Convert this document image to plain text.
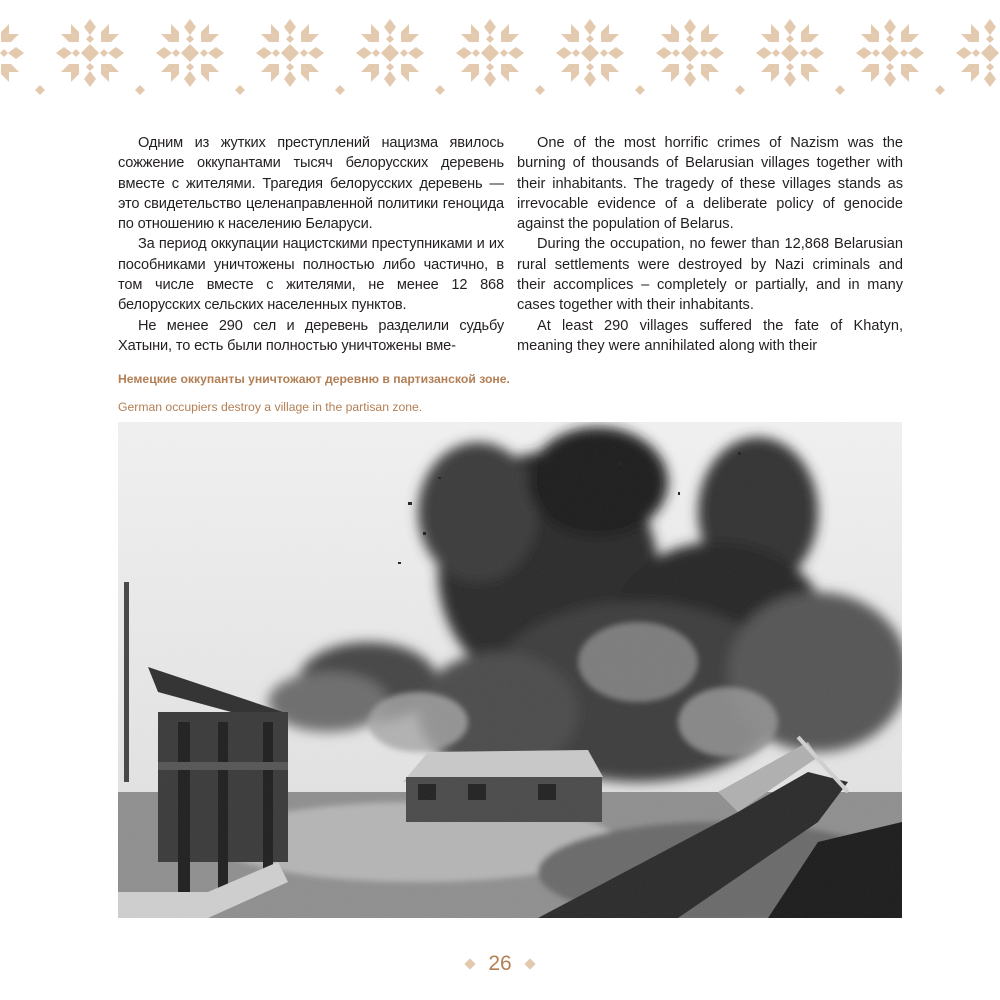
Одним из жутких преступлений нацизма явилось сожжение оккупантами тысяч белорусских деревень вместе с жителями. Трагедия белорусских деревень — это свидетельство целенаправленной политики геноцида по отношению к населению Беларуси.

За период оккупации нацистскими преступниками и их пособниками уничтожены полностью либо частично, в том числе вместе с жителями, не менее 12 868 белорусских сельских населенных пунктов.

Не менее 290 сел и деревень разделили судьбу Хатыни, то есть были полностью уничтожены вме-

One of the most horrific crimes of Nazism was the burning of thousands of Belarusian villages together with their inhabitants. The tragedy of these villages stands as irrevocable evidence of a deliberate policy of genocide against the population of Belarus.

During the occupation, no fewer than 12,868 Belarusian rural settlements were destroyed by Nazi criminals and their accomplices – completely or partially, and in many cases together with their inhabitants.

At least 290 villages suffered the fate of Khatyn, meaning they were annihilated along with their

Немецкие оккупанты уничтожают деревню в партизанской зоне.

German occupiers destroy a village in the partisan zone.

26
